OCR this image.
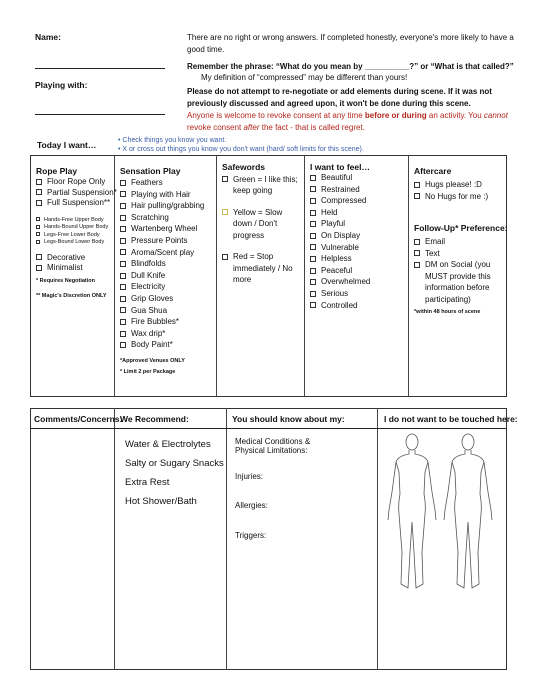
Name:
Playing with:
There are no right or wrong answers. If completed honestly, everyone's more likely to have a
good time.
Remember the phrase: “What do you mean by __________?” or “What is that called?”
My definition of “compressed” may be different than yours!
Please do not attempt to re-negotiate or add elements during scene. If it was not
previously discussed and agreed upon, it won't be done during this scene.
Anyone is welcome to revoke consent at any time before or during an activity. You cannot
revoke consent after the fact - that is called regret.
Today I want…	• Check things you know you want.
• X or cross out things you know you don't want (hard/ soft limits for this scene).
Rope Play
Floor Rope Only
Partial Suspension*
Full Suspension**
Hands-Free Upper Body
Hands-Bound Upper Body
Legs-Free Lower Body
Legs-Bound Lower Body
Decorative
Minimalist
* Requires Negotiation
** Magic's Discretion ONLY
Sensation Play
Feathers
Playing with Hair
Hair pulling/grabbing
Scratching
Wartenberg Wheel
Pressure Points
Aroma/Scent play
Blindfolds
Dull Knife
Electricity
Grip Gloves
Gua Shua
Fire Bubbles*
Wax drip*
Body Paint*
*Approved Venues ONLY
* Limit 2 per Package
Safewords
Green = I like this;
keep going
Yellow = Slow
down / Don't
progress
Red = Stop
immediately / No
more
I want to feel…
Beautiful
Restrained
Compressed
Held
Playful
On Display
Vulnerable
Helpless
Peaceful
Overwhelmed
Serious
Controlled
Aftercare
Hugs please! :D
No Hugs for me :)
Follow-Up* Preference:
Email
Text
DM on Social (you
MUST provide this
information before
participating)
*within 48 hours of scene
Comments/Concerns:
We Recommend:
Water & Electrolytes
Salty or Sugary Snacks
Extra Rest
Hot Shower/Bath
You should know about my:
Medical Conditions &
Physical Limitations:
Injuries:
Allergies:
Triggers:
I do not want to be touched here:
